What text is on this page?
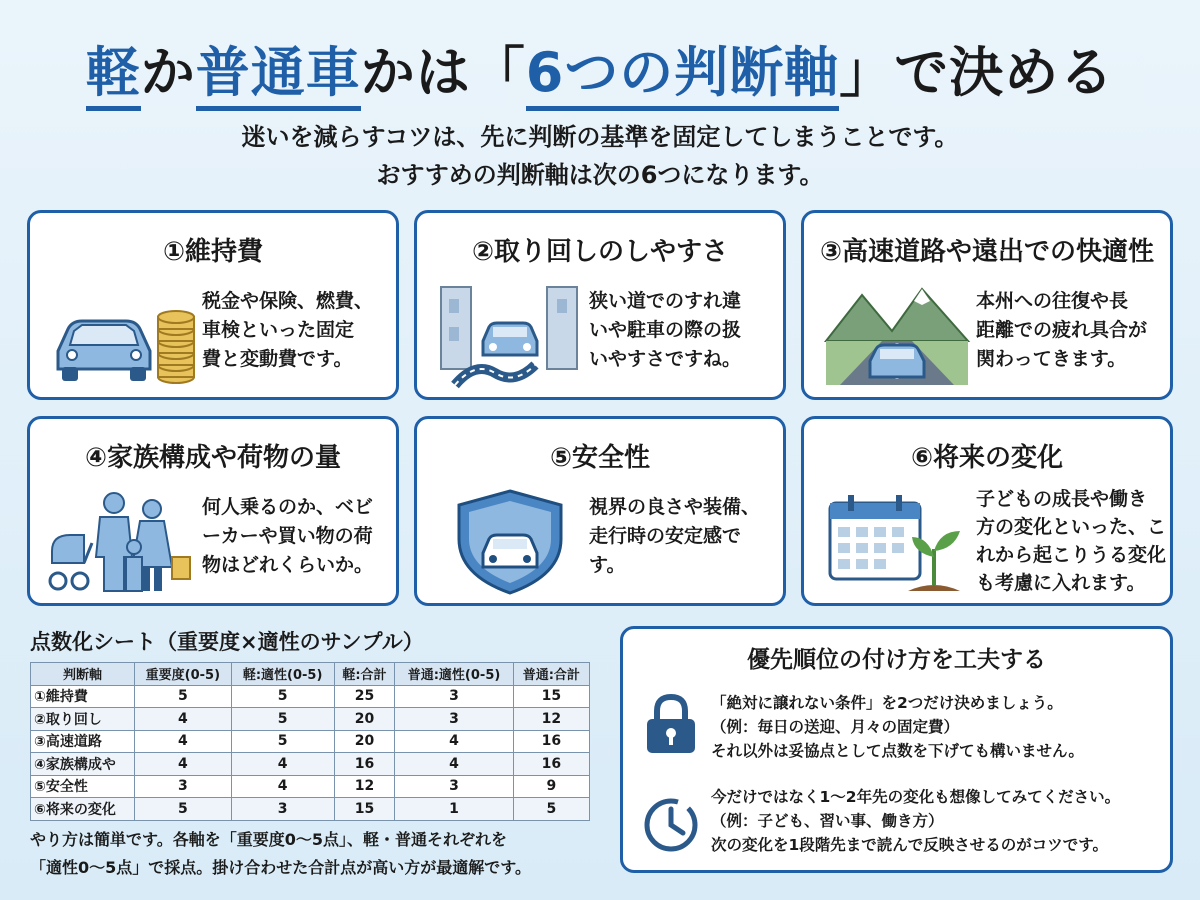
軽か普通車かは「6つの判断軸」で決める
迷いを減らすコツは、先に判断の基準を固定してしまうことです。
おすすめの判断軸は次の6つになります。
①維持費
税金や保険、燃費、
車検といった固定
費と変動費です。
②取り回しのしやすさ
狭い道でのすれ違
いや駐車の際の扱
いやすさですね。
③高速道路や遠出での快適性
本州への往復や長
距離での疲れ具合が
関わってきます。
④家族構成や荷物の量
何人乗るのか、ベビ
ーカーや買い物の荷
物はどれくらいか。
⑤安全性
視界の良さや装備、
走行時の安定感で
す。
⑥将来の変化
子どもの成長や働き
方の変化といった、こ
れから起こりうる変化
も考慮に入れます。
点数化シート（重要度×適性のサンプル）
判断軸	重要度(0-5)	軽:適性(0-5)	軽:合計	普通:適性(0-5)	普通:合計
①維持費	5	5	25	3	15
②取り回し	4	5	20	3	12
③高速道路	4	5	20	4	16
④家族構成や	4	4	16	4	16
⑤安全性	3	4	12	3	9
⑥将来の変化	5	3	15	1	5
やり方は簡単です。各軸を「重要度0〜5点」、軽・普通それぞれを
「適性0〜5点」で採点。掛け合わせた合計点が高い方が最適解です。
優先順位の付け方を工夫する
「絶対に譲れない条件」を2つだけ決めましょう。
（例：毎日の送迎、月々の固定費）
それ以外は妥協点として点数を下げても構いません。
今だけではなく1〜2年先の変化も想像してみてください。
（例：子ども、習い事、働き方）
次の変化を1段階先まで読んで反映させるのがコツです。
